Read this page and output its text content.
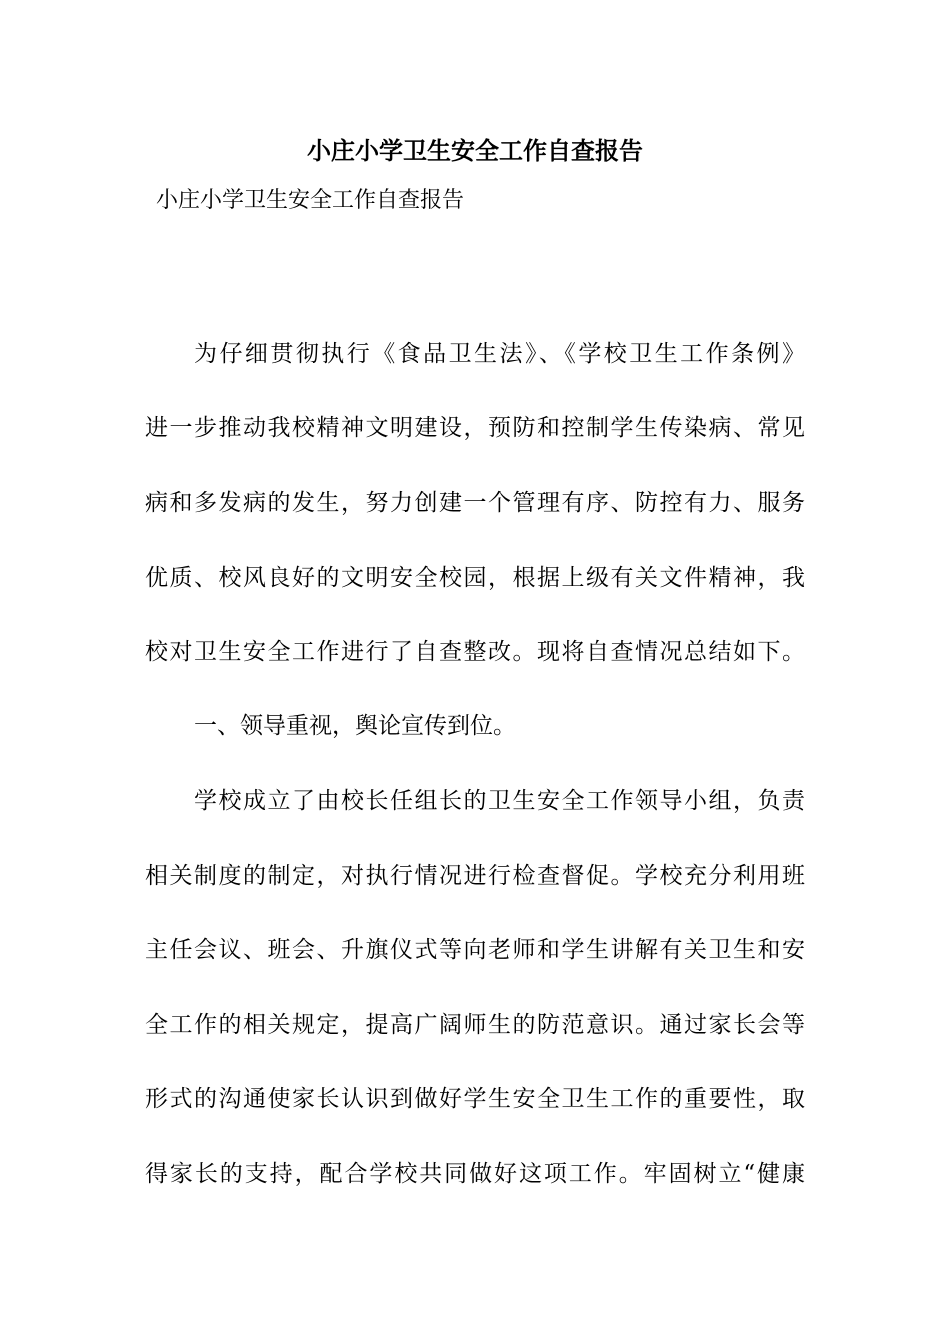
小庄小学卫生安全工作自查报告
小庄小学卫生安全工作自查报告
为仔细贯彻执行《食品卫生法》、《学校卫生工作条例》
进一步推动我校精神文明建设，预防和控制学生传染病、常见
病和多发病的发生，努力创建一个管理有序、防控有力、服务
优质、校风良好的文明安全校园，根据上级有关文件精神，我
校对卫生安全工作进行了自查整改。现将自查情况总结如下。
一、领导重视，舆论宣传到位。
学校成立了由校长任组长的卫生安全工作领导小组，负责
相关制度的制定，对执行情况进行检查督促。学校充分利用班
主任会议、班会、升旗仪式等向老师和学生讲解有关卫生和安
全工作的相关规定，提高广阔师生的防范意识。通过家长会等
形式的沟通使家长认识到做好学生安全卫生工作的重要性，取
得家长的支持，配合学校共同做好这项工作。牢固树立“健康
